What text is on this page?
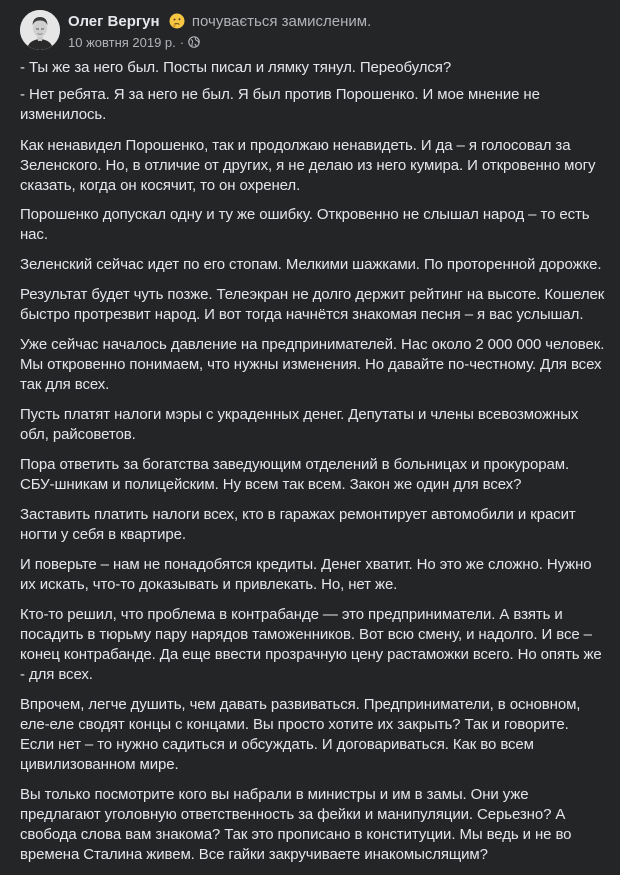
Олег Вергун почувається замисленим.
10 жовтня 2019 р. ·

- Ты же за него был. Посты писал и лямку тянул. Переобулся?

- Нет ребята. Я за него не был. Я был против Порошенко. И мое мнение не изменилось.

Как ненавидел Порошенко, так и продолжаю ненавидеть. И да – я голосовал за Зеленского. Но, в отличие от других, я не делаю из него кумира. И откровенно могу сказать, когда он косячит, то он охренел.

Порошенко допускал одну и ту же ошибку. Откровенно не слышал народ – то есть нас.

Зеленский сейчас идет по его стопам. Мелкими шажками. По проторенной дорожке.

Результат будет чуть позже. Телеэкран не долго держит рейтинг на высоте. Кошелек быстро протрезвит народ. И вот тогда начнётся знакомая песня – я вас услышал.

Уже сейчас началось давление на предпринимателей. Нас около 2 000 000 человек. Мы откровенно понимаем, что нужны изменения. Но давайте по-честному. Для всех так для всех.

Пусть платят налоги мэры с украденных денег. Депутаты и члены всевозможных обл, райсоветов.

Пора ответить за богатства заведующим отделений в больницах и прокурорам. СБУ-шникам и полицейским. Ну всем так всем. Закон же один для всех?

Заставить платить налоги всех, кто в гаражах ремонтирует автомобили и красит ногти у себя в квартире.

И поверьте – нам не понадобятся кредиты. Денег хватит. Но это же сложно. Нужно их искать, что-то доказывать и привлекать. Но, нет же.

Кто-то решил, что проблема в контрабанде — это предприниматели. А взять и посадить в тюрьму пару нарядов таможенников. Вот всю смену, и надолго. И все – конец контрабанде. Да еще ввести прозрачную цену растаможки всего. Но опять же - для всех.

Впрочем, легче душить, чем давать развиваться. Предприниматели, в основном, еле-еле сводят концы с концами. Вы просто хотите их закрыть? Так и говорите. Если нет – то нужно садиться и обсуждать. И договариваться. Как во всем цивилизованном мире.

Вы только посмотрите кого вы набрали в министры и им в замы. Они уже предлагают уголовную ответственность за фейки и манипуляции. Серьезно? А свобода слова вам знакома? Так это прописано в конституции. Мы ведь и не во времена Сталина живем. Все гайки закручиваете инакомыслящим?
